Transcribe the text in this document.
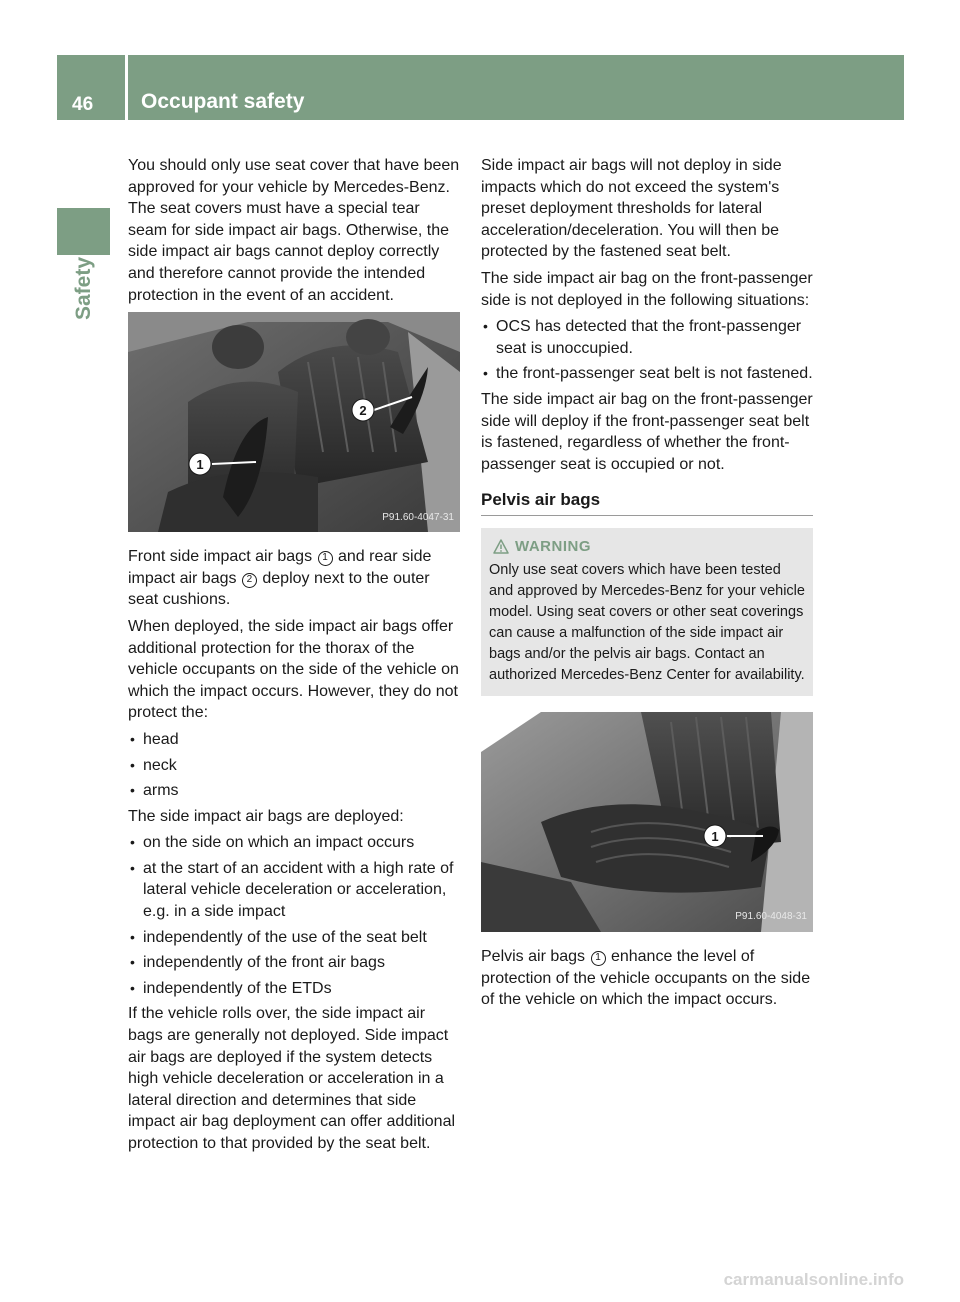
46 Occupant safety
Safety

You should only use seat cover that have been approved for your vehicle by Mercedes-Benz. The seat covers must have a special tear seam for side impact air bags. Otherwise, the side impact air bags cannot deploy correctly and therefore cannot provide the intended protection in the event of an accident.

1
2
P91.60-4047-31

Front side impact air bags 1 and rear side impact air bags 2 deploy next to the outer seat cushions.

When deployed, the side impact air bags offer additional protection for the thorax of the vehicle occupants on the side of the vehicle on which the impact occurs. However, they do not protect the:

• head
• neck
• arms

The side impact air bags are deployed:

• on the side on which an impact occurs
• at the start of an accident with a high rate of lateral vehicle deceleration or acceleration, e.g. in a side impact
• independently of the use of the seat belt
• independently of the front air bags
• independently of the ETDs

If the vehicle rolls over, the side impact air bags are generally not deployed. Side impact air bags are deployed if the system detects high vehicle deceleration or acceleration in a lateral direction and determines that side impact air bag deployment can offer additional protection to that provided by the seat belt.

Side impact air bags will not deploy in side impacts which do not exceed the system's preset deployment thresholds for lateral acceleration/deceleration. You will then be protected by the fastened seat belt.

The side impact air bag on the front-passenger side is not deployed in the following situations:

• OCS has detected that the front-passenger seat is unoccupied.
• the front-passenger seat belt is not fastened.

The side impact air bag on the front-passenger side will deploy if the front-passenger seat belt is fastened, regardless of whether the front-passenger seat is occupied or not.

Pelvis air bags
WARNING
Only use seat covers which have been tested and approved by Mercedes-Benz for your vehicle model. Using seat covers or other seat coverings can cause a malfunction of the side impact air bags and/or the pelvis air bags. Contact an authorized Mercedes-Benz Center for availability.
1
P91.60-4048-31

Pelvis air bags 1 enhance the level of protection of the vehicle occupants on the side of the vehicle on which the impact occurs.

carmanualsonline.info
